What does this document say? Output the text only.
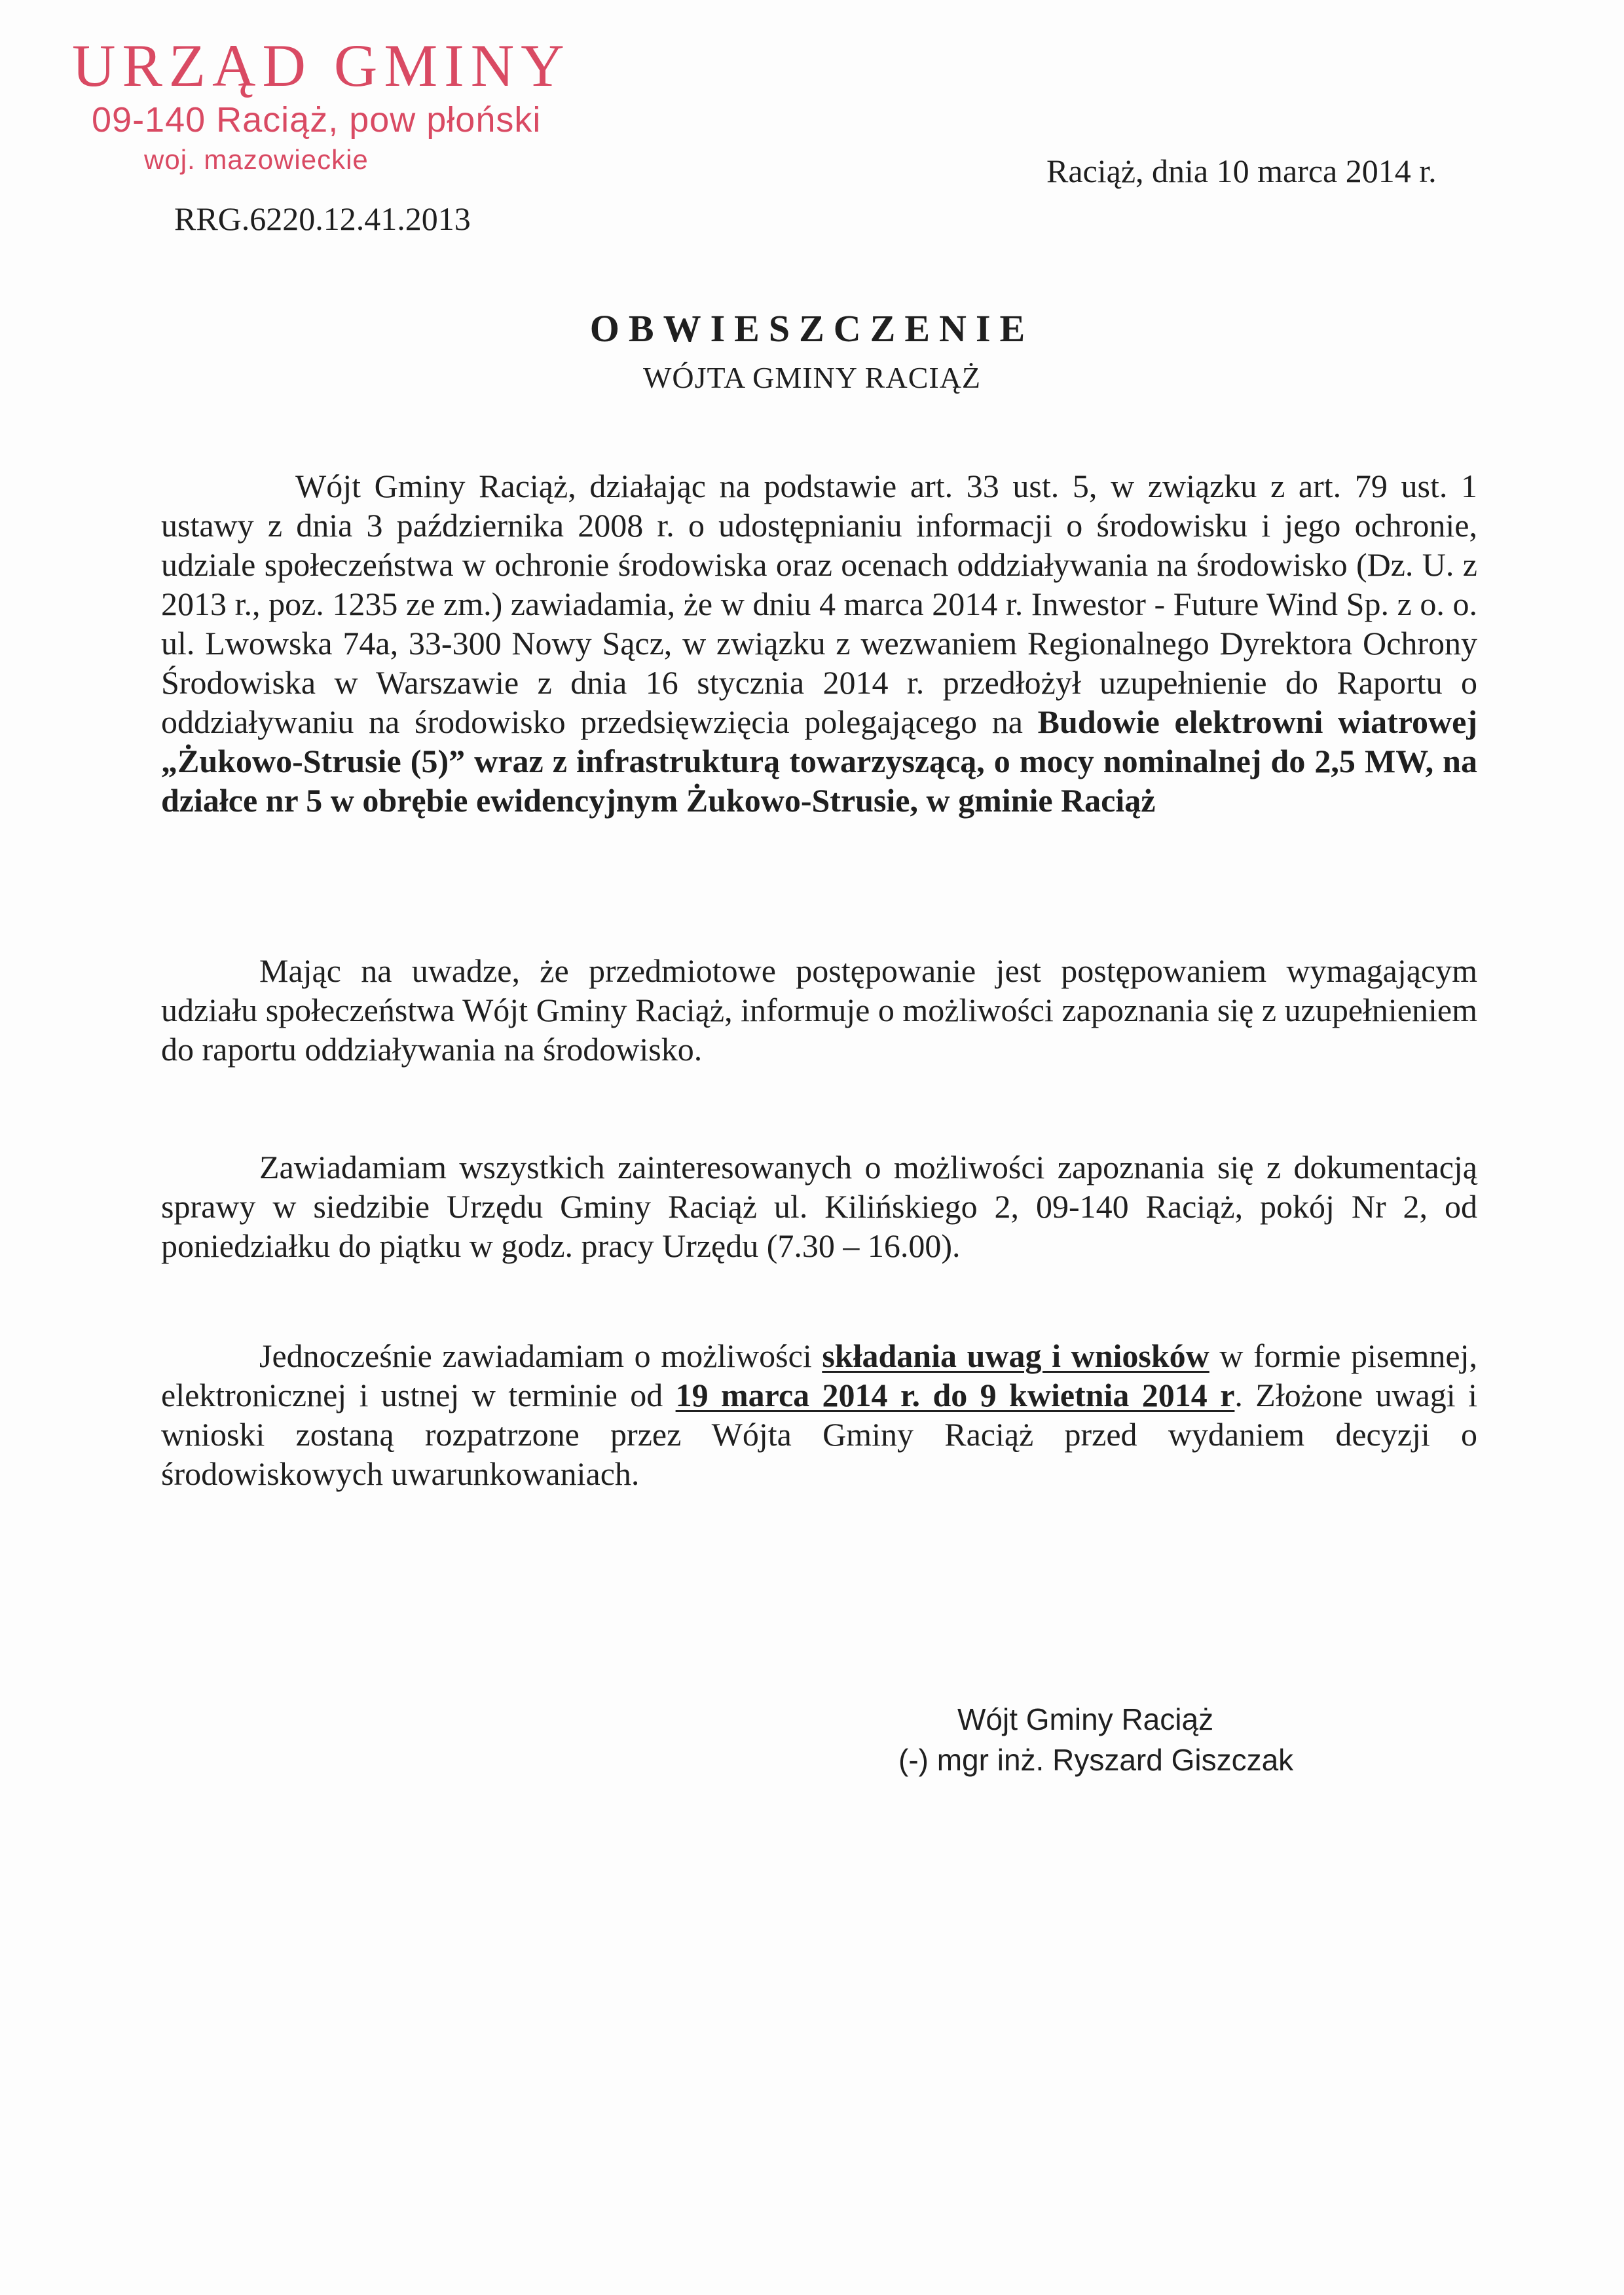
URZĄD GMINY
09-140 Raciąż, pow płoński
woj. mazowieckie	Raciąż, dnia 10 marca 2014 r.
RRG.6220.12.41.2013
OBWIESZCZENIE
WÓJTA GMINY RACIĄŻ
Wójt Gminy Raciąż, działając na podstawie art. 33 ust. 5, w związku z art. 79 ust. 1 ustawy z dnia 3 października 2008 r. o udostępnianiu informacji o środowisku i jego ochronie, udziale społeczeństwa w ochronie środowiska oraz ocenach oddziaływania na środowisko (Dz. U. z 2013 r., poz. 1235 ze zm.) zawiadamia, że w dniu 4 marca 2014 r. Inwestor - Future Wind Sp. z o. o. ul. Lwowska 74a, 33-300 Nowy Sącz, w związku z wezwaniem Regionalnego Dyrektora Ochrony Środowiska w Warszawie z dnia 16 stycznia 2014 r. przedłożył uzupełnienie do Raportu o oddziaływaniu na środowisko przedsięwzięcia polegającego na Budowie elektrowni wiatrowej „Żukowo-Strusie (5)” wraz z infrastrukturą towarzyszącą, o mocy nominalnej do 2,5 MW, na działce nr 5 w obrębie ewidencyjnym Żukowo-Strusie, w gminie Raciąż
Mając na uwadze, że przedmiotowe postępowanie jest postępowaniem wymagającym udziału społeczeństwa Wójt Gminy Raciąż, informuje o możliwości zapoznania się z uzupełnieniem do raportu oddziaływania na środowisko.
Zawiadamiam wszystkich zainteresowanych o możliwości zapoznania się z dokumentacją sprawy w siedzibie Urzędu Gminy Raciąż ul. Kilińskiego 2, 09-140 Raciąż, pokój Nr 2, od poniedziałku do piątku w godz. pracy Urzędu (7.30 – 16.00).
Jednocześnie zawiadamiam o możliwości składania uwag i wniosków w formie pisemnej, elektronicznej i ustnej w terminie od 19 marca 2014 r. do 9 kwietnia 2014 r. Złożone uwagi i wnioski zostaną rozpatrzone przez Wójta Gminy Raciąż przed wydaniem decyzji o środowiskowych uwarunkowaniach.
Wójt Gminy Raciąż
(-) mgr inż. Ryszard Giszczak
